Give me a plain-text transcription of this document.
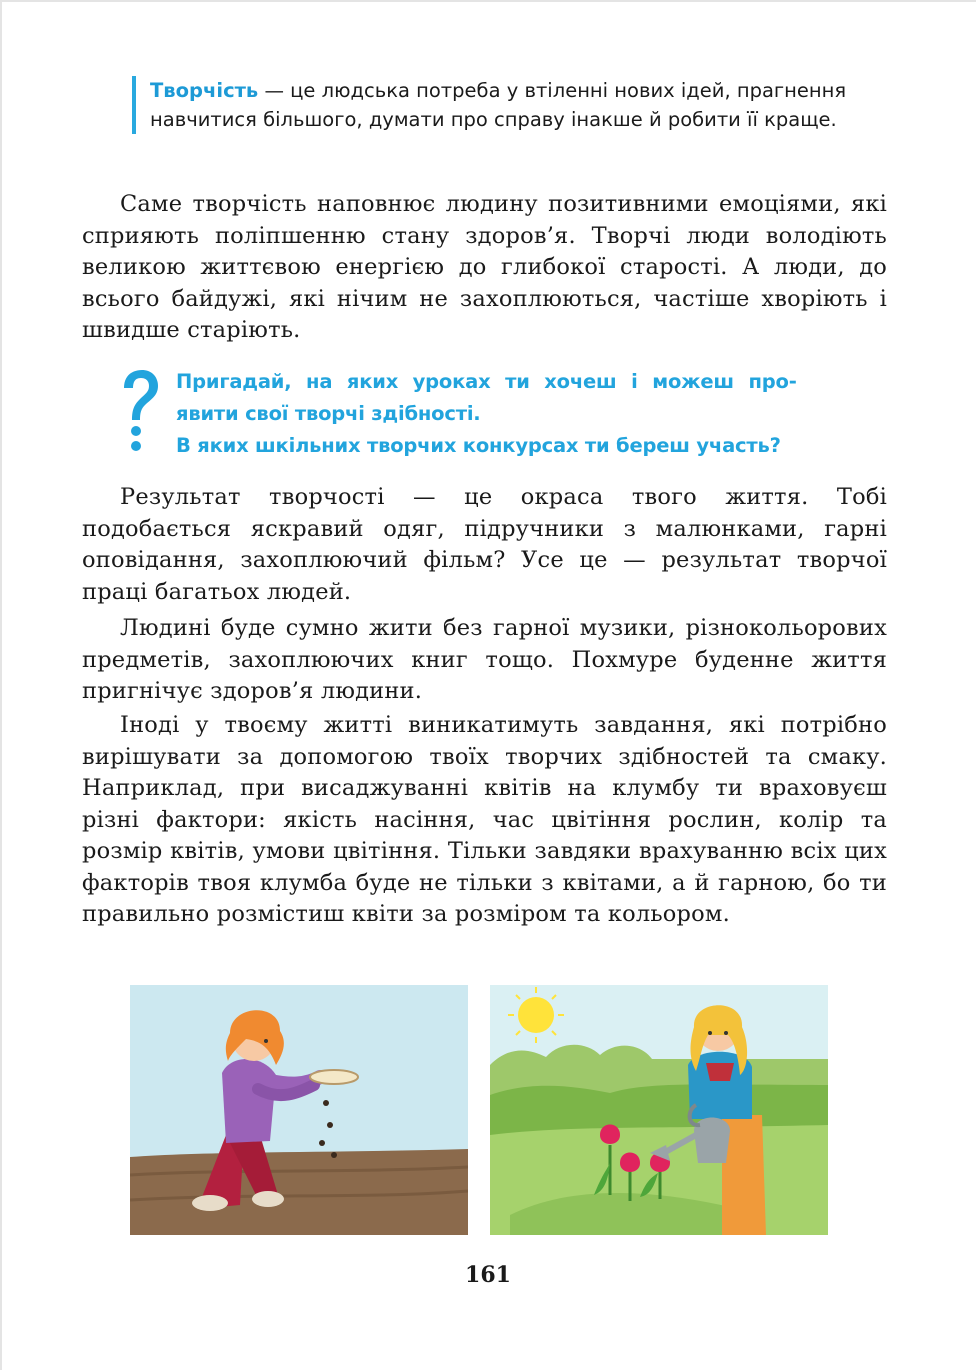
Творчість — це людська потреба у втіленні нових ідей, прагнення навчитися більшого, думати про справу інакше й робити її краще.
Саме творчість наповнює людину позитивними емоціями, які сприяють поліпшенню стану здоров’я. Творчі люди володіють великою життєвою енергією до глибокої старості. А люди, до всього байдужі, які нічим не захоплюються, частіше хворіють і швидше старіють.
Пригадай, на яких уроках ти хочеш і можеш про-
явити свої творчі здібності.
В яких шкільних творчих конкурсах ти береш участь?
Результат творчості — це окраса твого життя. Тобі подобається яскравий одяг, підручники з малюнками, гарні оповідання, захоплюючий фільм? Усе це — результат творчої праці багатьох людей.
Людині буде сумно жити без гарної музики, різнокольорових предметів, захоплюючих книг тощо. Похмуре буденне життя пригнічує здоров’я людини.
Іноді у твоєму житті виникатимуть завдання, які потрібно вирішувати за допомогою твоїх творчих здібностей та смаку. Наприклад, при висаджуванні квітів на клумбу ти враховуєш різні фактори: якість насіння, час цвітіння рослин, колір та розмір квітів, умови цвітіння. Тільки завдяки врахуванню всіх цих факторів твоя клумба буде не тільки з квітами, а й гарною, бо ти правильно розмістиш квіти за розміром та кольором.
161
